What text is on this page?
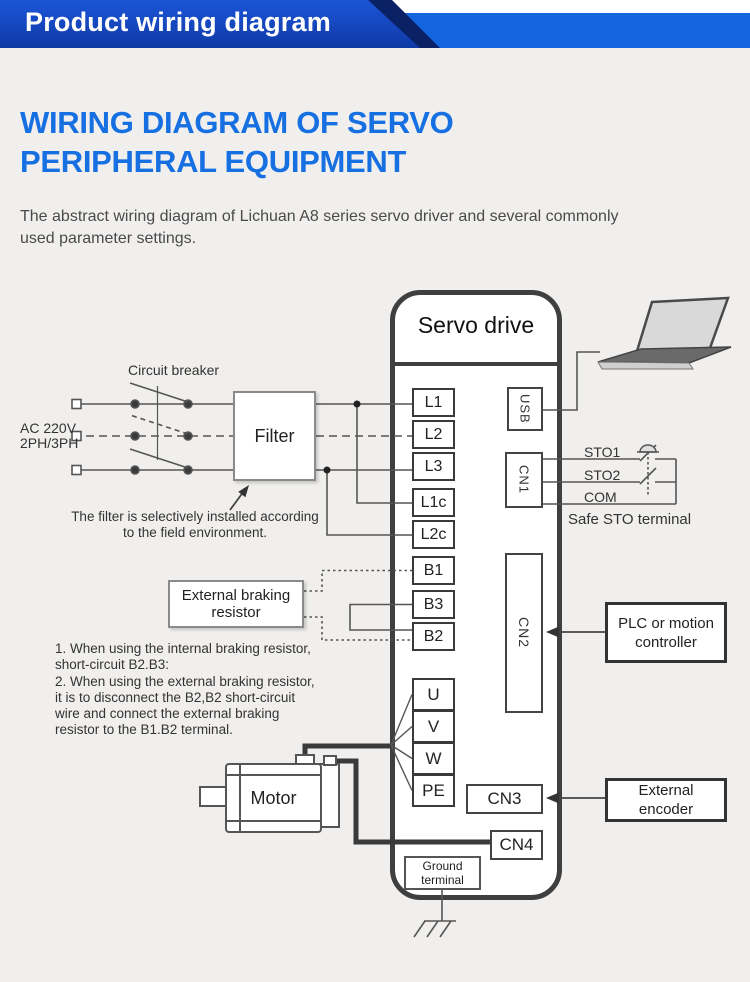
Product wiring diagram
WIRING DIAGRAM OF SERVO
PERIPHERAL EQUIPMENT
The abstract wiring diagram of Lichuan A8 series servo driver and several commonly
used parameter settings.
Circuit breaker
AC 220V
2PH/3PH	Filter
The filter is selectively installed according
to the field environment.
External braking
resistor
1. When using the internal braking resistor,
short-circuit B2.B3:
2. When using the external braking resistor,
it is to disconnect the B2,B2 short-circuit
wire and connect the external braking
resistor to the B1.B2 terminal.
Motor
Servo drive
L1
L2
L3
L1c
L2c
B1
B3
B2
U
V
W
PE
USB
CN1
CN2
CN3
CN4
Ground
terminal
STO1
STO2
COM
Safe STO terminal
PLC or motion
controller
External
encoder
